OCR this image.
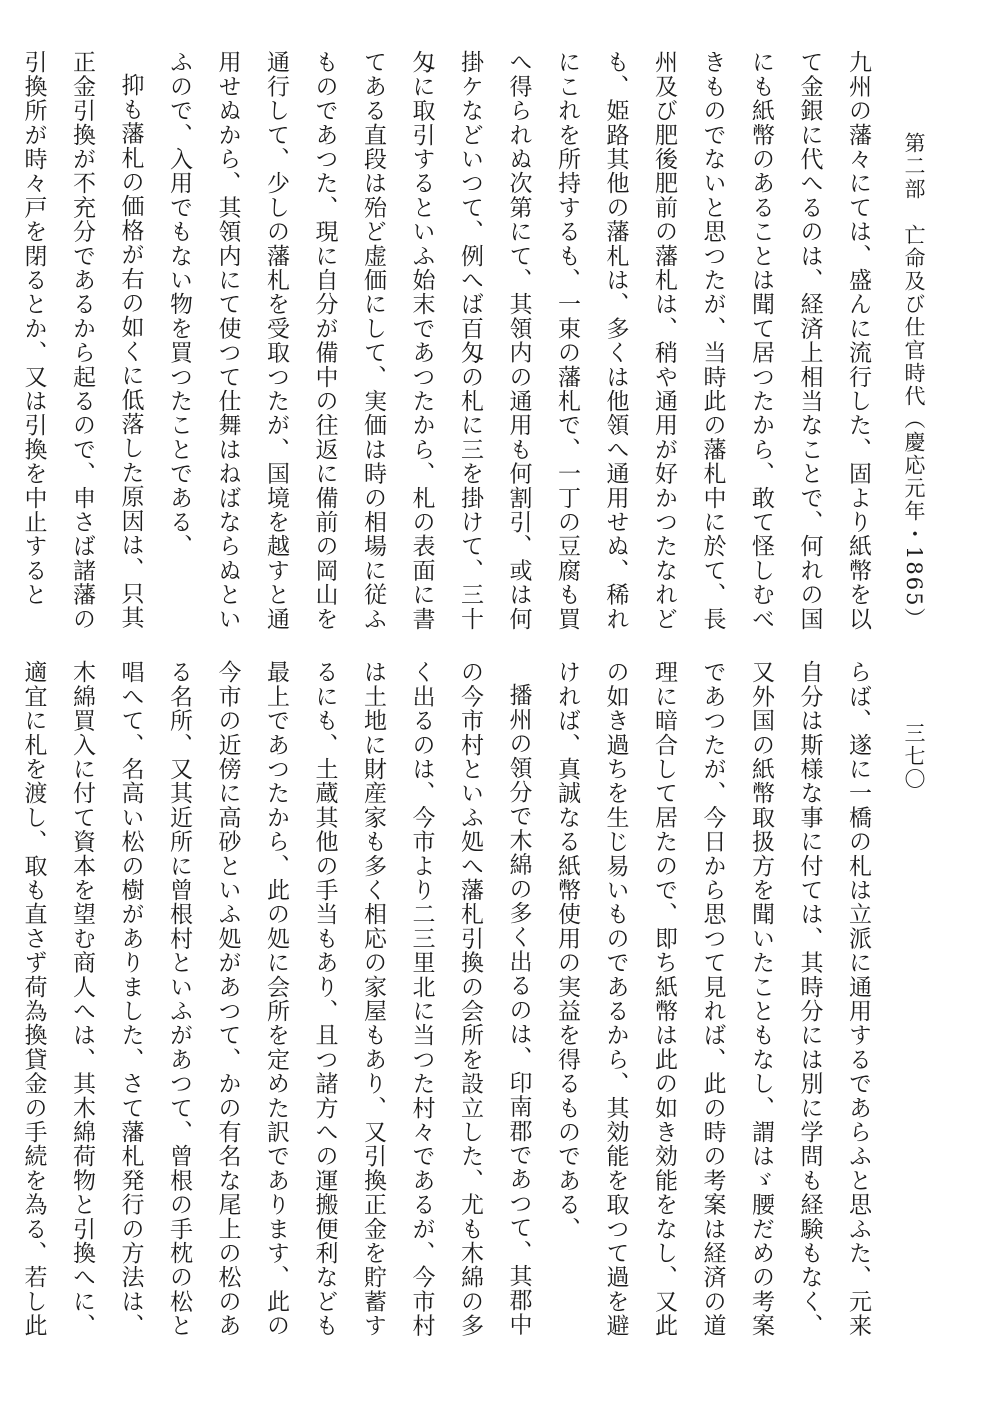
第二部　亡命及び仕官時代（慶応元年・1865）
三七〇

九州の藩々にては、盛んに流行した、固より紙幣を以て金銀に代へるのは、経済上相当なことで、何れの国にも紙幣のあることは聞て居つたから、敢て怪しむべきものでないと思つたが、当時此の藩札中に於て、長州及び肥後肥前の藩札は、稍や通用が好かつたなれども、姫路其他の藩札は、多くは他領へ通用せぬ、稀れにこれを所持するも、一束の藩札で、一丁の豆腐も買へ得られぬ次第にて、其領内の通用も何割引、或は何掛ケなどいつて、例へば百匁の札に三を掛けて、三十匁に取引するといふ始末であつたから、札の表面に書てある直段は殆ど虚価にして、実価は時の相場に従ふものであつた、現に自分が備中の往返に備前の岡山を通行して、少しの藩札を受取つたが、国境を越すと通用せぬから、其領内にて使つて仕舞はねばならぬといふので、入用でもない物を買つたことである、

抑も藩札の価格が右の如くに低落した原因は、只其正金引換が不充分であるから起るので、申さば諸藩の引換所が時々戸を閉るとか、又は引換を中止すると

らば、遂に一橋の札は立派に通用するであらふと思ふた、元来自分は斯様な事に付ては、其時分には別に学問も経験もなく、又外国の紙幣取扱方を聞いたこともなし、謂はゞ腰だめの考案であつたが、今日から思つて見れば、此の時の考案は経済の道理に暗合して居たので、即ち紙幣は此の如き効能をなし、又此の如き過ちを生じ易いものであるから、其効能を取つて過を避ければ、真誠なる紙幣使用の実益を得るものである、

播州の領分で木綿の多く出るのは、印南郡であつて、其郡中の今市村といふ処へ藩札引換の会所を設立した、尤も木綿の多く出るのは、今市より二三里北に当つた村々であるが、今市村は土地に財産家も多く相応の家屋もあり、又引換正金を貯蓄するにも、土蔵其他の手当もあり、且つ諸方への運搬便利なども最上であつたから、此の処に会所を定めた訳であります、此の今市の近傍に高砂といふ処があつて、かの有名な尾上の松のある名所、又其近所に曾根村といふがあつて、曾根の手枕の松と唱へて、名高い松の樹がありました、さて藩札発行の方法は、木綿買入に付て資本を望む商人へは、其木綿荷物と引換へに、適宜に札を渡し、取も直さず荷為換貸金の手続を為る、若し此
